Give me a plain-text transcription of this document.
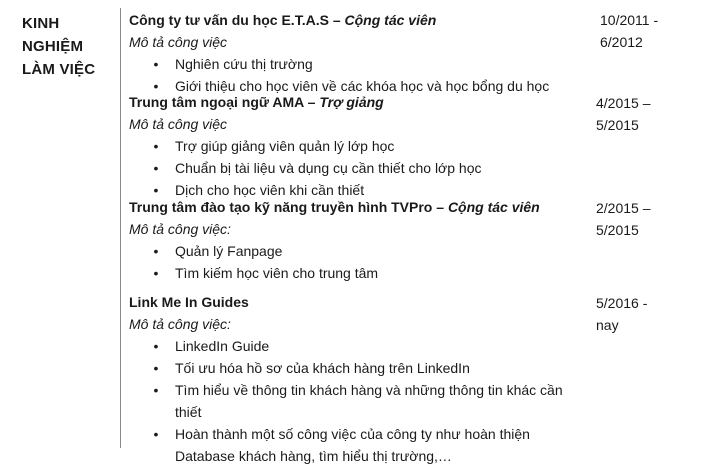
KINH NGHIỆM LÀM VIỆC
Công ty tư vấn du học E.T.A.S – Cộng tác viên
Mô tả công việc
• Nghiên cứu thị trường
• Giới thiệu cho học viên về các khóa học và học bổng du học
10/2011 - 6/2012
Trung tâm ngoại ngữ AMA – Trợ giảng
Mô tả công việc
• Trợ giúp giảng viên quản lý lớp học
• Chuẩn bị tài liệu và dụng cụ cần thiết cho lớp học
• Dịch cho học viên khi cần thiết
4/2015 – 5/2015
Trung tâm đào tạo kỹ năng truyền hình TVPro – Cộng tác viên
Mô tả công việc:
• Quản lý Fanpage
• Tìm kiếm học viên cho trung tâm
2/2015 – 5/2015
Link Me In Guides
Mô tả công việc:
• LinkedIn Guide
• Tối ưu hóa hồ sơ của khách hàng trên LinkedIn
• Tìm hiểu về thông tin khách hàng và những thông tin khác cần thiết
• Hoàn thành một số công việc của công ty như hoàn thiện Database khách hàng, tìm hiểu thị trường,…
5/2016 - nay
